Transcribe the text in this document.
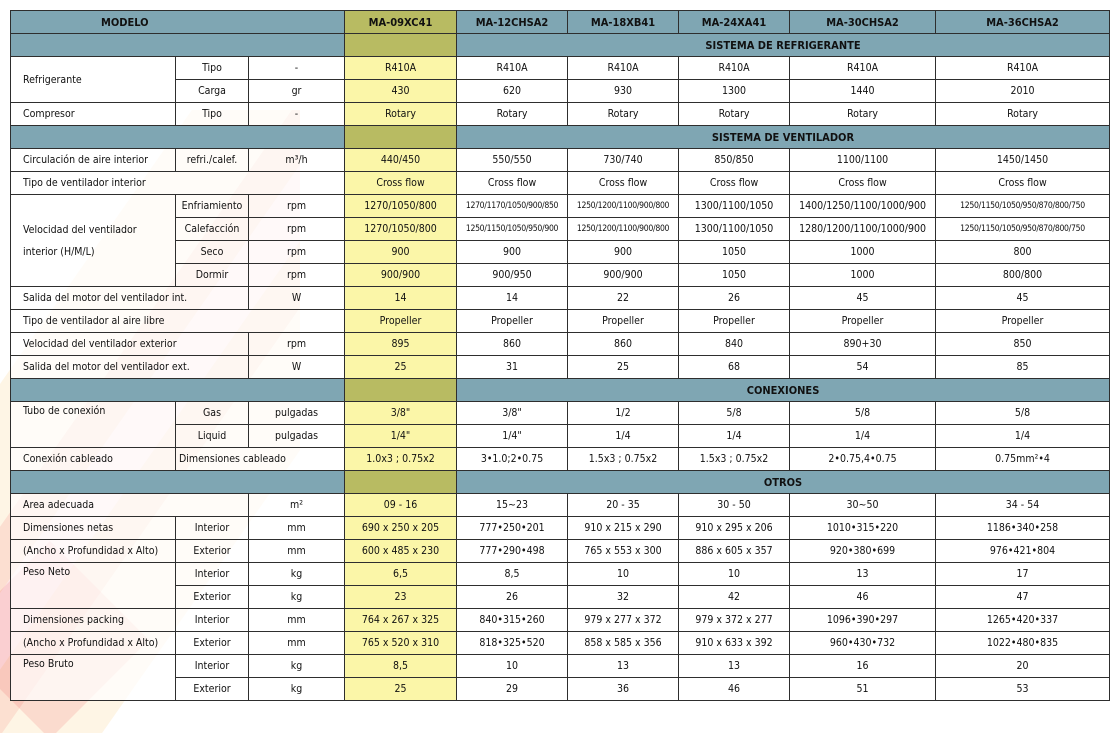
MODELO			MA-09XC41	MA-12CHSA2	MA-18XB41	MA-24XA41	MA-30CHSA2	MA-36CHSA2
				SISTEMA DE REFRIGERANTE				
Refrigerante	Tipo	-	R410A	R410A	R410A	R410A	R410A	R410A
	Carga	gr	430	620	930	1300	1440	2010
Compresor	Tipo	-	Rotary	Rotary	Rotary	Rotary	Rotary	Rotary
				SISTEMA DE VENTILADOR				
Circulación de aire interior	refri./calef.	m³/h	440/450	550/550	730/740	850/850	1100/1100	1450/1450
Tipo de ventilador interior			Cross flow	Cross flow	Cross flow	Cross flow	Cross flow	Cross flow

Velocidad del ventilador
interior (H/M/L)	Enfriamiento	rpm	1270/1050/800	1270/1170/1050/900/850	1250/1200/1100/900/800	1300/1100/1050	1400/1250/1100/1000/900	1250/1150/1050/950/870/800/750
	Calefacción	rpm	1270/1050/800	1250/1150/1050/950/900	1250/1200/1100/900/800	1300/1100/1050	1280/1200/1100/1000/900	1250/1150/1050/950/870/800/750
	Seco	rpm	900	900	900	1050	1000	800
	Dormir	rpm	900/900	900/950	900/900	1050	1000	800/800
Salida del motor del ventilador int.		W	14	14	22	26	45	45
Tipo de ventilador al aire libre			Propeller	Propeller	Propeller	Propeller	Propeller	Propeller
Velocidad del ventilador exterior		rpm	895	860	860	840	890+30	850
Salida del motor del ventilador ext.		W	25	31	25	68	54	85
				CONEXIONES				
Tubo de conexión	Gas	pulgadas	3/8"	3/8"	1/2	5/8	5/8	5/8
	Liquid	pulgadas	1/4"	1/4"	1/4	1/4	1/4	1/4
Conexión cableado	Dimensiones cableado		1.0x3 ; 0.75x2	3•1.0;2•0.75	1.5x3 ; 0.75x2	1.5x3 ; 0.75x2	2•0.75,4•0.75	0.75mm²•4
				OTROS				
Area adecuada		m²	09 - 16	15~23	20 - 35	30 - 50	30~50	34 - 54
Dimensiones netas	Interior	mm	690 x 250 x 205	777•250•201	910 x 215 x 290	910 x 295 x 206	1010•315•220	1186•340•258
(Ancho x Profundidad x Alto)	Exterior	mm	600 x 485 x 230	777•290•498	765 x 553 x 300	886 x 605 x 357	920•380•699	976•421•804
Peso Neto	Interior	kg	6,5	8,5	10	10	13	17
	Exterior	kg	23	26	32	42	46	47
Dimensiones packing	Interior	mm	764 x 267 x 325	840•315•260	979 x 277 x 372	979 x 372 x 277	1096•390•297	1265•420•337
(Ancho x Profundidad x Alto)	Exterior	mm	765 x 520 x 310	818•325•520	858 x 585 x 356	910 x 633 x 392	960•430•732	1022•480•835
Peso Bruto	Interior	kg	8,5	10	13	13	16	20
	Exterior	kg	25	29	36	46	51	53
